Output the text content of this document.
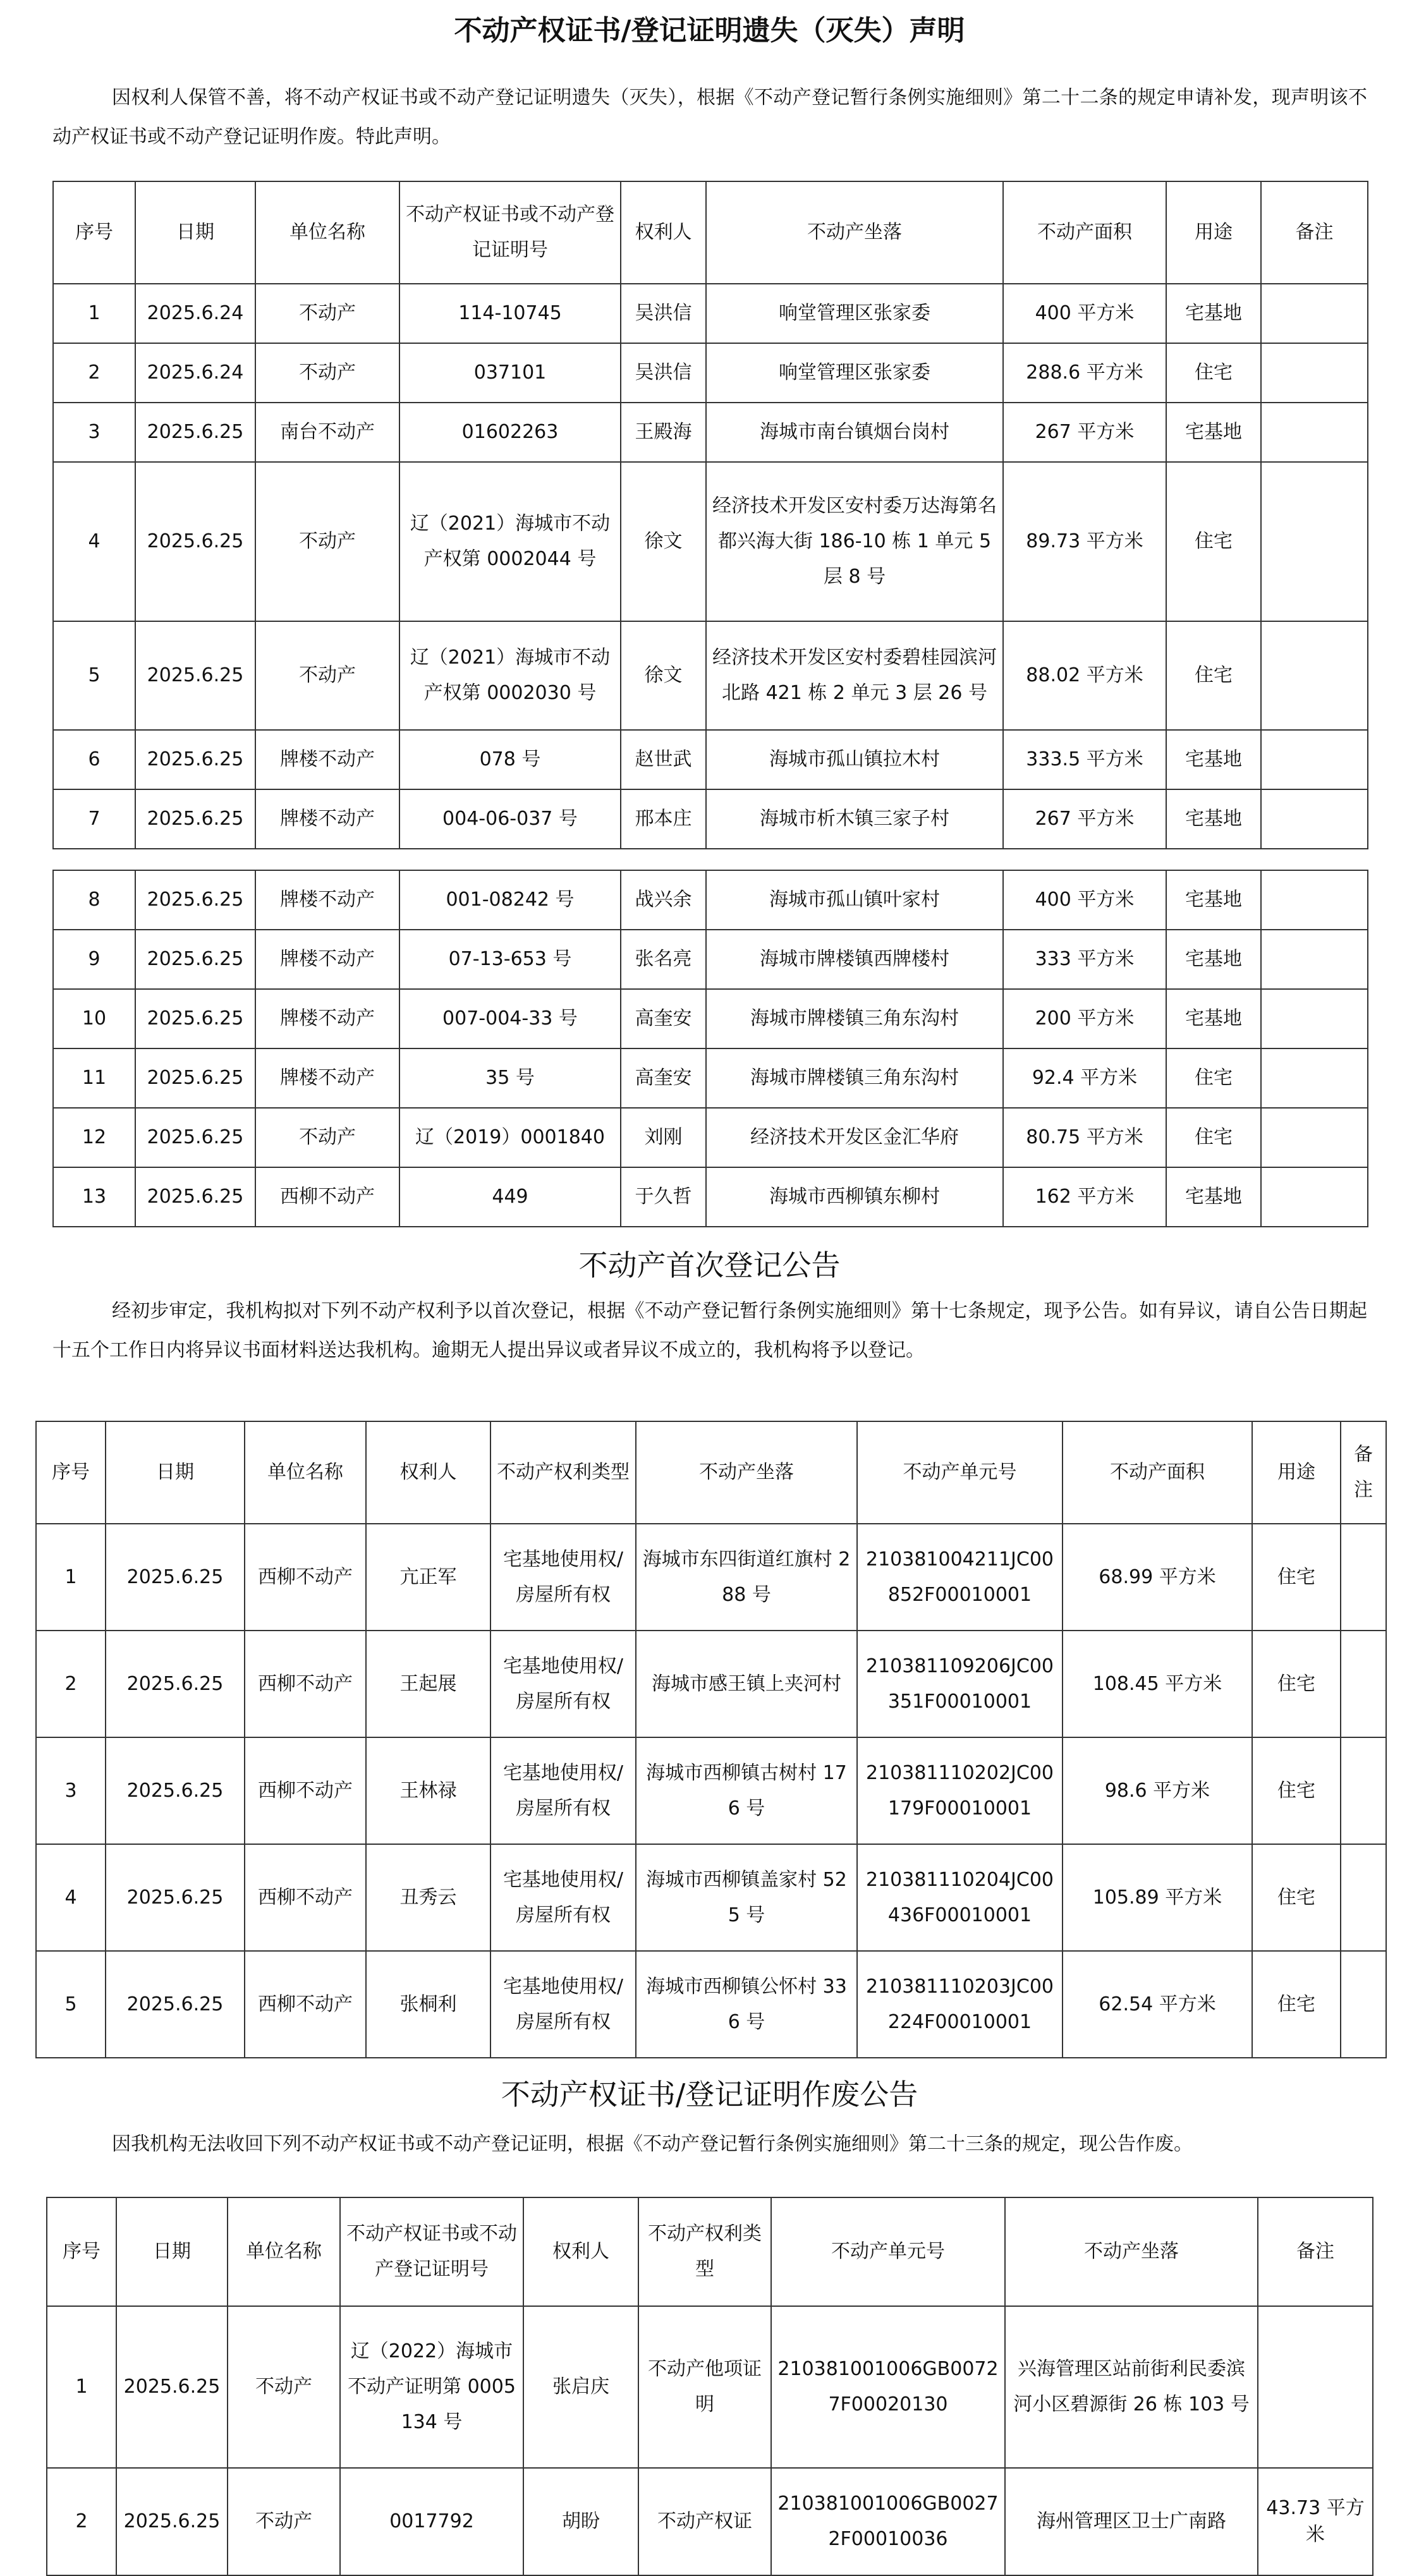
不动产权证书/登记证明遗失（灭失）声明

因权利人保管不善，将不动产权证书或不动产登记证明遗失（灭失），根据《不动产登记暂行条例实施细则》第二十二条的规定申请补发，现声明该不动产权证书或不动产登记证明作废。特此声明。

序号	日期	单位名称	不动产权证书或不动产登记证明号	权利人	不动产坐落	不动产面积	用途	备注
1	2025.6.24	不动产	114-10745	吴洪信	响堂管理区张家委	400 平方米	宅基地	
2	2025.6.24	不动产	037101	吴洪信	响堂管理区张家委	288.6 平方米	住宅	
3	2025.6.25	南台不动产	01602263	王殿海	海城市南台镇烟台岗村	267 平方米	宅基地	
4	2025.6.25	不动产	辽（2021）海城市不动产权第 0002044 号	徐文	经济技术开发区安村委万达海第名都兴海大街 186-10 栋 1 单元 5 层 8 号	89.73 平方米	住宅	
5	2025.6.25	不动产	辽（2021）海城市不动产权第 0002030 号	徐文	经济技术开发区安村委碧桂园滨河北路 421 栋 2 单元 3 层 26 号	88.02 平方米	住宅	
6	2025.6.25	牌楼不动产	078 号	赵世武	海城市孤山镇拉木村	333.5 平方米	宅基地	
7	2025.6.25	牌楼不动产	004-06-037 号	邢本庄	海城市析木镇三家子村	267 平方米	宅基地	
8	2025.6.25	牌楼不动产	001-08242 号	战兴余	海城市孤山镇叶家村	400 平方米	宅基地	
9	2025.6.25	牌楼不动产	07-13-653 号	张名亮	海城市牌楼镇西牌楼村	333 平方米	宅基地	
10	2025.6.25	牌楼不动产	007-004-33 号	高奎安	海城市牌楼镇三角东沟村	200 平方米	宅基地	
11	2025.6.25	牌楼不动产	35 号	高奎安	海城市牌楼镇三角东沟村	92.4 平方米	住宅	
12	2025.6.25	不动产	辽（2019）0001840	刘刚	经济技术开发区金汇华府	80.75 平方米	住宅	
13	2025.6.25	西柳不动产	449	于久哲	海城市西柳镇东柳村	162 平方米	宅基地	
不动产首次登记公告

经初步审定，我机构拟对下列不动产权利予以首次登记，根据《不动产登记暂行条例实施细则》第十七条规定，现予公告。如有异议，请自公告日期起十五个工作日内将异议书面材料送达我机构。逾期无人提出异议或者异议不成立的，我机构将予以登记。

序号	日期	单位名称	权利人	不动产权利类型	不动产坐落	不动产单元号	不动产面积	用途	备注
1	2025.6.25	西柳不动产	亢正军	宅基地使用权/房屋所有权	海城市东四街道红旗村 288 号	210381004211JC00852F00010001	68.99 平方米	住宅	
2	2025.6.25	西柳不动产	王起展	宅基地使用权/房屋所有权	海城市感王镇上夹河村	210381109206JC00351F00010001	108.45 平方米	住宅	
3	2025.6.25	西柳不动产	王林禄	宅基地使用权/房屋所有权	海城市西柳镇古树村 176 号	210381110202JC00179F00010001	98.6 平方米	住宅	
4	2025.6.25	西柳不动产	丑秀云	宅基地使用权/房屋所有权	海城市西柳镇盖家村 525 号	210381110204JC00436F00010001	105.89 平方米	住宅	
5	2025.6.25	西柳不动产	张桐利	宅基地使用权/房屋所有权	海城市西柳镇公怀村 336 号	210381110203JC00224F00010001	62.54 平方米	住宅	
不动产权证书/登记证明作废公告

因我机构无法收回下列不动产权证书或不动产登记证明，根据《不动产登记暂行条例实施细则》第二十三条的规定，现公告作废。

序号	日期	单位名称	不动产权证书或不动产登记证明号	权利人	不动产权利类型	不动产单元号	不动产坐落	备注
1	2025.6.25	不动产	辽（2022）海城市不动产证明第 0005134 号	张启庆	不动产他项证明	210381001006GB00727F00020130	兴海管理区站前街利民委滨河小区碧源街 26 栋 103 号	
2	2025.6.25	不动产	0017792	胡盼	不动产权证	210381001006GB00272F00010036	海州管理区卫士广南路	43.73 平方米
